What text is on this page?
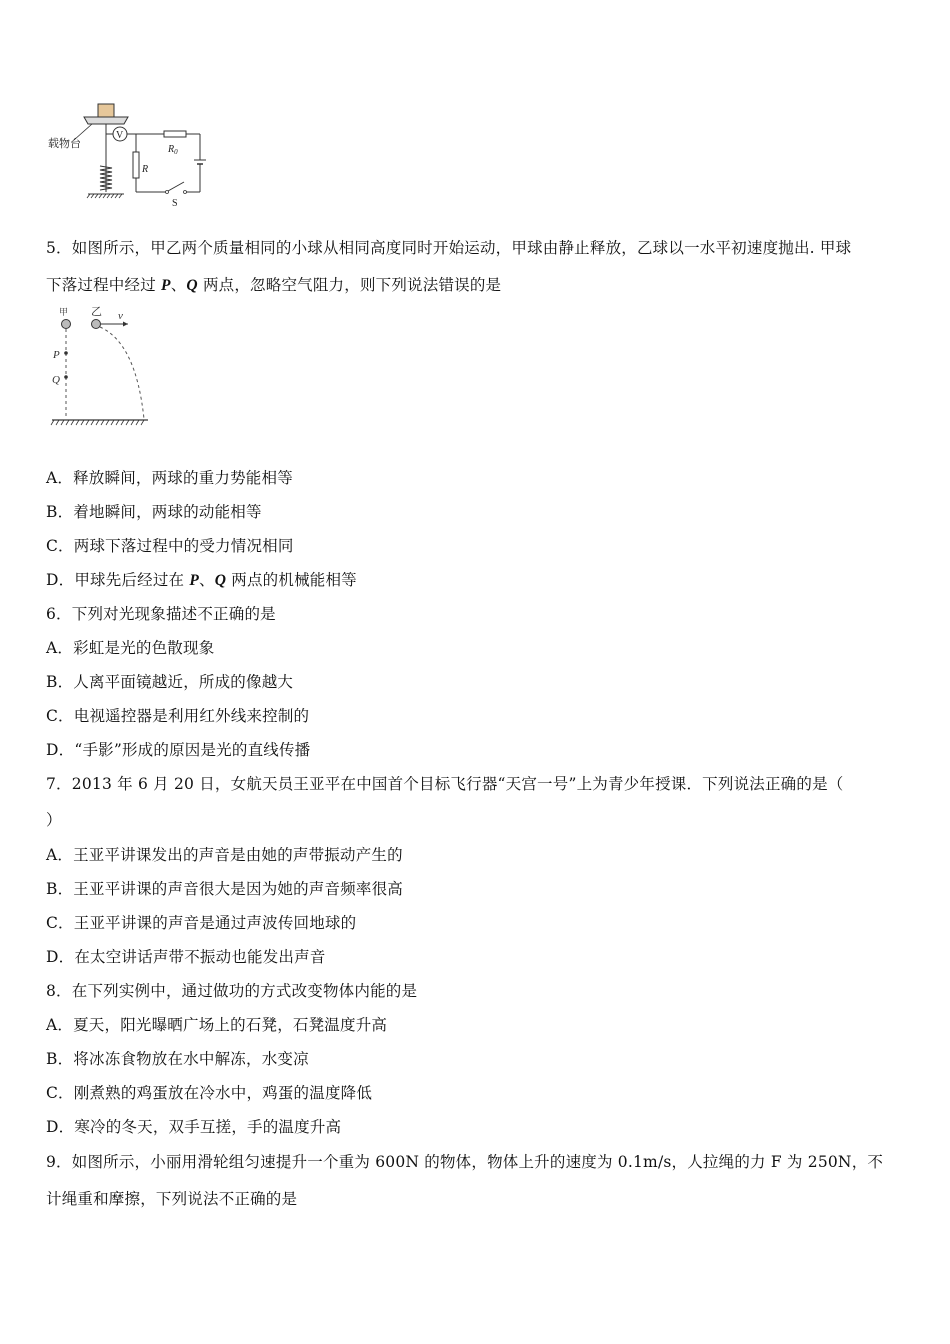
载物台
V
$R_0$
R
S
5．如图所示，甲乙两个质量相同的小球从相同高度同时开始运动，甲球由静止释放，乙球以一水平初速度抛出. 甲球
下落过程中经过 P、Q 两点，忽略空气阻力，则下列说法错误的是
甲 乙 v
P
Q
A．释放瞬间，两球的重力势能相等
B．着地瞬间，两球的动能相等
C．两球下落过程中的受力情况相同
D．甲球先后经过在 P、Q 两点的机械能相等
6．下列对光现象描述不正确的是
A．彩虹是光的色散现象
B．人离平面镜越近，所成的像越大
C．电视遥控器是利用红外线来控制的
D．“手影”形成的原因是光的直线传播
7．2013 年 6 月 20 日，女航天员王亚平在中国首个目标飞行器“天宫一号”上为青少年授课．下列说法正确的是（
）
A．王亚平讲课发出的声音是由她的声带振动产生的
B．王亚平讲课的声音很大是因为她的声音频率很高
C．王亚平讲课的声音是通过声波传回地球的
D．在太空讲话声带不振动也能发出声音
8．在下列实例中，通过做功的方式改变物体内能的是
A．夏天，阳光曝晒广场上的石凳，石凳温度升高
B．将冰冻食物放在水中解冻，水变凉
C．刚煮熟的鸡蛋放在冷水中，鸡蛋的温度降低
D．寒冷的冬天，双手互搓，手的温度升高
9．如图所示，小丽用滑轮组匀速提升一个重为 600N 的物体，物体上升的速度为 0.1m/s，人拉绳的力 F 为 250N，不
计绳重和摩擦，下列说法不正确的是
